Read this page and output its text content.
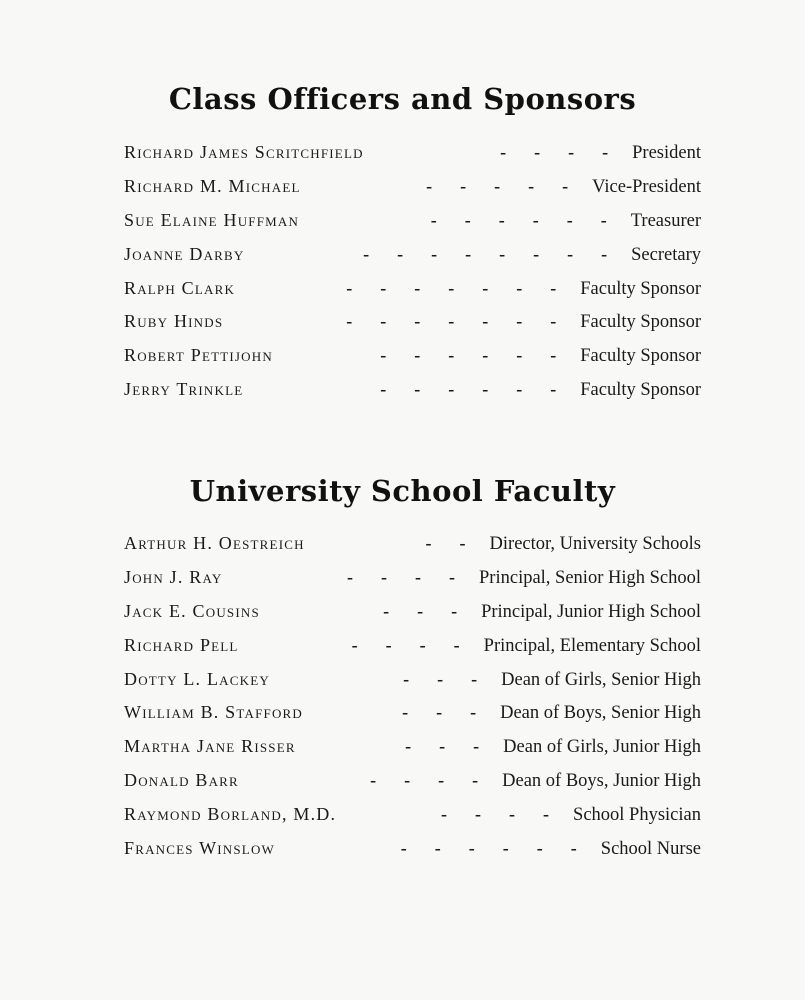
Class Officers and Sponsors
Richard James Scritchfield	-	-	-	-	President
Richard M. Michael	-	-	-	-	-	Vice-President
Sue Elaine Huffman	-	-	-	-	-	-	Treasurer
Joanne Darby	-	-	-	-	-	-	-	-	Secretary
Ralph Clark	-	-	-	-	-	-	-	Faculty Sponsor
Ruby Hinds	-	-	-	-	-	-	-	Faculty Sponsor
Robert Pettijohn	-	-	-	-	-	-	Faculty Sponsor
Jerry Trinkle	-	-	-	-	-	-	Faculty Sponsor
University School Faculty
Arthur H. Oestreich	-	-	Director, University Schools
John J. Ray	-	-	-	-	Principal, Senior High School
Jack E. Cousins	-	-	-	Principal, Junior High School
Richard Pell	-	-	-	-	Principal, Elementary School
Dotty L. Lackey	-	-	-	Dean of Girls, Senior High
William B. Stafford	-	-	-	Dean of Boys, Senior High
Martha Jane Risser	-	-	-	Dean of Girls, Junior High
Donald Barr	-	-	-	-	Dean of Boys, Junior High
Raymond Borland, M.D.	-	-	-	-	School Physician
Frances Winslow	-	-	-	-	-	-	School Nurse
